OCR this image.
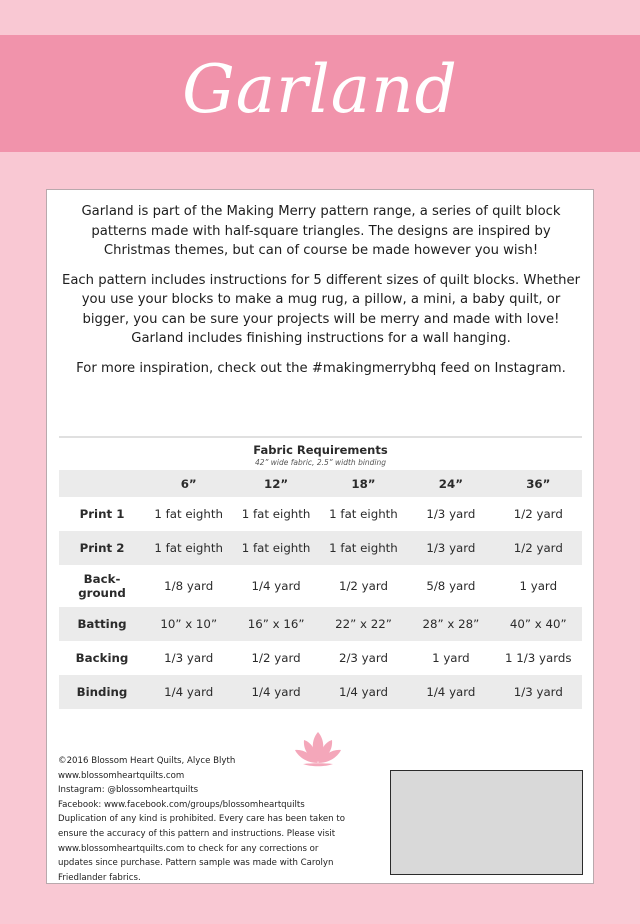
Garland

Garland is part of the Making Merry pattern range, a series of quilt block patterns made with half-square triangles. The designs are inspired by Christmas themes, but can of course be made however you wish!

Each pattern includes instructions for 5 different sizes of quilt blocks. Whether you use your blocks to make a mug rug, a pillow, a mini, a baby quilt, or bigger, you can be sure your projects will be merry and made with love! Garland includes finishing instructions for a wall hanging.

For more inspiration, check out the #makingmerrybhq feed on Instagram.

Fabric Requirements
42” wide fabric, 2.5” width binding
	6”	12”	18”	24”	36”
Print 1	1 fat eighth	1 fat eighth	1 fat eighth	1/3 yard	1/2 yard
Print 2	1 fat eighth	1 fat eighth	1 fat eighth	1/3 yard	1/2 yard
Back-
ground	1/8 yard	1/4 yard	1/2 yard	5/8 yard	1 yard
Batting	10” x 10”	16” x 16”	22” x 22”	28” x 28”	40” x 40”
Backing	1/3 yard	1/2 yard	2/3 yard	1 yard	1 1/3 yards
Binding	1/4 yard	1/4 yard	1/4 yard	1/4 yard	1/3 yard
©2016 Blossom Heart Quilts, Alyce Blyth
www.blossomheartquilts.com
Instagram: @blossomheartquilts
Facebook: www.facebook.com/groups/blossomheartquilts
Duplication of any kind is prohibited. Every care has been taken to
ensure the accuracy of this pattern and instructions. Please visit
www.blossomheartquilts.com to check for any corrections or
updates since purchase. Pattern sample was made with Carolyn
Friedlander fabrics.
